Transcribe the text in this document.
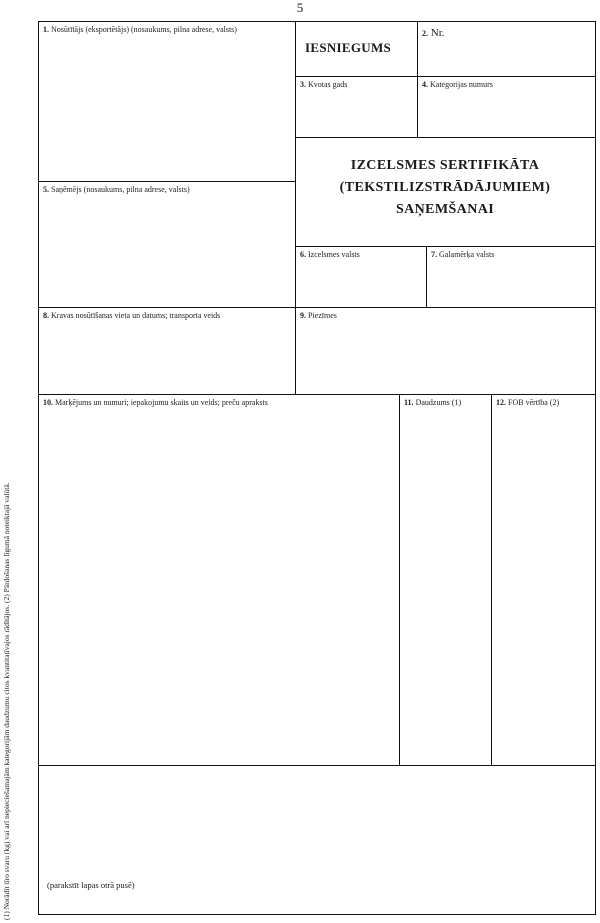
5
(1) Norādīt tīro svaru (kg) vai arī nepieciešamajām kategorijām daudzumu citos kvantitatīvajos rādītājos. (2) Pārdošanas līgumā noteiktajā valūtā.
1. Nosūtītājs (eksportētājs) (nosaukums, pilna adrese, valsts)
IESNIEGUMS
2. Nr.
3. Kvotas gads	4. Kategorijas numurs
IZCELSMES SERTIFIKĀTA
(TEKSTILIZSTRĀDĀJUMIEM)
SAŅEMŠANAI
5. Saņēmējs (nosaukums, pilna adrese, valsts)
6. Izcelsmes valsts	7. Galamērķa valsts
8. Kravas nosūtīšanas vieta un datums; transporta veids	9. Piezīmes
10. Marķējums un numuri; iepakojumu skaits un veids; preču apraksts	11. Daudzums (1)	12. FOB vērtība (2)
(parakstīt lapas otrā pusē)
